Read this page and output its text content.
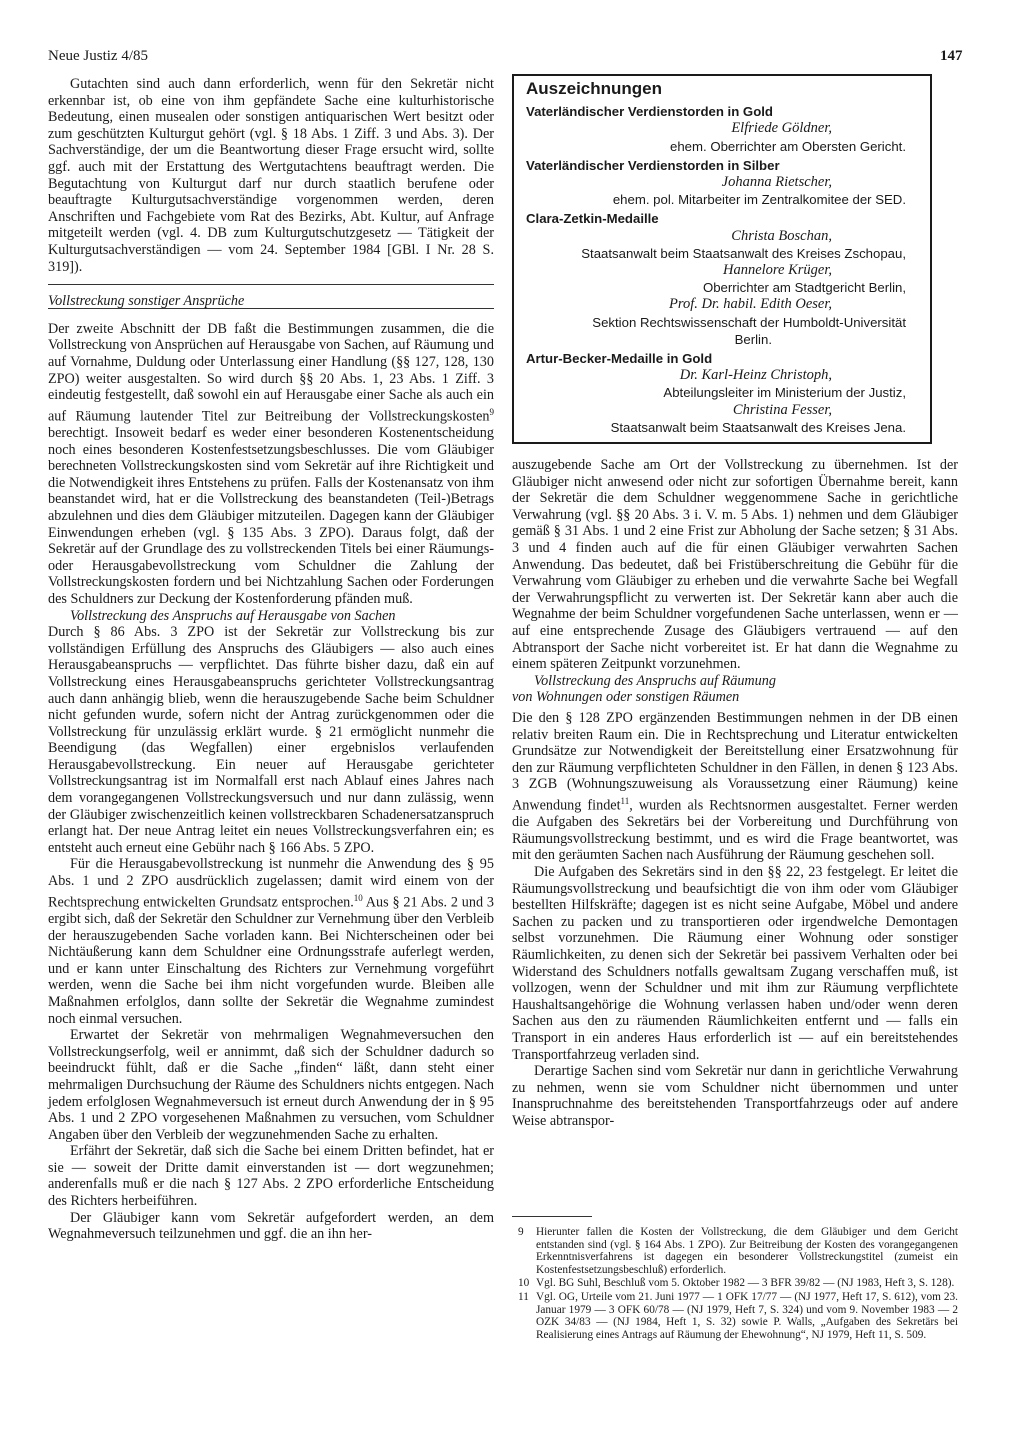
Neue Justiz 4/85	147

Gutachten sind auch dann erforderlich, wenn für den Sekretär nicht erkennbar ist, ob eine von ihm gepfändete Sache eine kulturhistorische Bedeutung, einen musealen oder sonstigen antiquarischen Wert besitzt oder zum geschützten Kulturgut gehört (vgl. § 18 Abs. 1 Ziff. 3 und Abs. 3). Der Sachverständige, der um die Beantwortung dieser Frage ersucht wird, sollte ggf. auch mit der Erstattung des Wertgutachtens beauftragt werden. Die Begutachtung von Kulturgut darf nur durch staatlich berufene oder beauftragte Kulturgutsachverständige vorgenommen werden, deren Anschriften und Fachgebiete vom Rat des Bezirks, Abt. Kultur, auf Anfrage mitgeteilt werden (vgl. 4. DB zum Kulturgutschutzgesetz — Tätigkeit der Kulturgutsachverständigen — vom 24. September 1984 [GBl. I Nr. 28 S. 319]).

Vollstreckung sonstiger Ansprüche

Der zweite Abschnitt der DB faßt die Bestimmungen zusammen, die die Vollstreckung von Ansprüchen auf Herausgabe von Sachen, auf Räumung und auf Vornahme, Duldung oder Unterlassung einer Handlung (§§ 127, 128, 130 ZPO) weiter ausgestalten. So wird durch §§ 20 Abs. 1, 23 Abs. 1 Ziff. 3 eindeutig festgestellt, daß sowohl ein auf Herausgabe einer Sache als auch ein auf Räumung lautender Titel zur Beitreibung der Vollstreckungskosten$^9$ berechtigt. Insoweit bedarf es weder einer besonderen Kostenentscheidung noch eines besonderen Kostenfestsetzungsbeschlusses. Die vom Gläubiger berechneten Vollstreckungskosten sind vom Sekretär auf ihre Richtigkeit und die Notwendigkeit ihres Entstehens zu prüfen. Falls der Kostenansatz von ihm beanstandet wird, hat er die Vollstreckung des beanstandeten (Teil-)Betrags abzulehnen und dies dem Gläubiger mitzuteilen. Dagegen kann der Gläubiger Einwendungen erheben (vgl. § 135 Abs. 3 ZPO). Daraus folgt, daß der Sekretär auf der Grundlage des zu vollstreckenden Titels bei einer Räumungs- oder Herausgabevollstreckung vom Schuldner die Zahlung der Vollstreckungskosten fordern und bei Nichtzahlung Sachen oder Forderungen des Schuldners zur Deckung der Kostenforderung pfänden muß.

Vollstreckung des Anspruchs auf Herausgabe von Sachen

Durch § 86 Abs. 3 ZPO ist der Sekretär zur Vollstreckung bis zur vollständigen Erfüllung des Anspruchs des Gläubigers — also auch eines Herausgabeanspruchs — verpflichtet. Das führte bisher dazu, daß ein auf Vollstreckung eines Herausgabeanspruchs gerichteter Vollstreckungsantrag auch dann anhängig blieb, wenn die herauszugebende Sache beim Schuldner nicht gefunden wurde, sofern nicht der Antrag zurückgenommen oder die Vollstreckung für unzulässig erklärt wurde. § 21 ermöglicht nunmehr die Beendigung (das Wegfallen) einer ergebnislos verlaufenden Herausgabevollstreckung. Ein neuer auf Herausgabe gerichteter Vollstreckungsantrag ist im Normalfall erst nach Ablauf eines Jahres nach dem vorangegangenen Vollstreckungsversuch und nur dann zulässig, wenn der Gläubiger zwischenzeitlich keinen vollstreckbaren Schadenersatzanspruch erlangt hat. Der neue Antrag leitet ein neues Vollstreckungsverfahren ein; es entsteht auch erneut eine Gebühr nach § 166 Abs. 5 ZPO.

Für die Herausgabevollstreckung ist nunmehr die Anwendung des § 95 Abs. 1 und 2 ZPO ausdrücklich zugelassen; damit wird einem von der Rechtsprechung entwickelten Grundsatz entsprochen.$^{10}$ Aus § 21 Abs. 2 und 3 ergibt sich, daß der Sekretär den Schuldner zur Vernehmung über den Verbleib der herauszugebenden Sache vorladen kann. Bei Nichterscheinen oder bei Nichtäußerung kann dem Schuldner eine Ordnungsstrafe auferlegt werden, und er kann unter Einschaltung des Richters zur Vernehmung vorgeführt werden, wenn die Sache bei ihm nicht vorgefunden wurde. Bleiben alle Maßnahmen erfolglos, dann sollte der Sekretär die Wegnahme zumindest noch einmal versuchen.

Erwartet der Sekretär von mehrmaligen Wegnahmeversuchen den Vollstreckungserfolg, weil er annimmt, daß sich der Schuldner dadurch so beeindruckt fühlt, daß er die Sache „finden“ läßt, dann steht einer mehrmaligen Durchsuchung der Räume des Schuldners nichts entgegen. Nach jedem erfolglosen Wegnahmeversuch ist erneut durch Anwendung der in § 95 Abs. 1 und 2 ZPO vorgesehenen Maßnahmen zu versuchen, vom Schuldner Angaben über den Verbleib der wegzunehmenden Sache zu erhalten.

Erfährt der Sekretär, daß sich die Sache bei einem Dritten befindet, hat er sie — soweit der Dritte damit einverstanden ist — dort wegzunehmen; anderenfalls muß er die nach § 127 Abs. 2 ZPO erforderliche Entscheidung des Richters herbeiführen.

Der Gläubiger kann vom Sekretär aufgefordert werden, an dem Wegnahmeversuch teilzunehmen und ggf. die an ihn her-

Auszeichnungen
Vaterländischer Verdienstorden in Gold
Elfriede Göldner,
ehem. Oberrichter am Obersten Gericht.
Vaterländischer Verdienstorden in Silber
Johanna Rietscher,
ehem. pol. Mitarbeiter im Zentralkomitee der SED.
Clara-Zetkin-Medaille
Christa Boschan,
Staatsanwalt beim Staatsanwalt des Kreises Zschopau,
Hannelore Krüger,
Oberrichter am Stadtgericht Berlin,
Prof. Dr. habil. Edith Oeser,
Sektion Rechtswissenschaft der Humboldt-Universität
Berlin.
Artur-Becker-Medaille in Gold
Dr. Karl-Heinz Christoph,
Abteilungsleiter im Ministerium der Justiz,
Christina Fesser,
Staatsanwalt beim Staatsanwalt des Kreises Jena.

auszugebende Sache am Ort der Vollstreckung zu übernehmen. Ist der Gläubiger nicht anwesend oder nicht zur sofortigen Übernahme bereit, kann der Sekretär die dem Schuldner weggenommene Sache in gerichtliche Verwahrung (vgl. §§ 20 Abs. 3 i. V. m. 5 Abs. 1) nehmen und dem Gläubiger gemäß § 31 Abs. 1 und 2 eine Frist zur Abholung der Sache setzen; § 31 Abs. 3 und 4 finden auch auf die für einen Gläubiger verwahrten Sachen Anwendung. Das bedeutet, daß bei Fristüberschreitung die Gebühr für die Verwahrung vom Gläubiger zu erheben und die verwahrte Sache bei Wegfall der Verwahrungspflicht zu verwerten ist. Der Sekretär kann aber auch die Wegnahme der beim Schuldner vorgefundenen Sache unterlassen, wenn er — auf eine entsprechende Zusage des Gläubigers vertrauend — auf den Abtransport der Sache nicht vorbereitet ist. Er hat dann die Wegnahme zu einem späteren Zeitpunkt vorzunehmen.

Vollstreckung des Anspruchs auf Räumung
von Wohnungen oder sonstigen Räumen

Die den § 128 ZPO ergänzenden Bestimmungen nehmen in der DB einen relativ breiten Raum ein. Die in Rechtsprechung und Literatur entwickelten Grundsätze zur Notwendigkeit der Bereitstellung einer Ersatzwohnung für den zur Räumung verpflichteten Schuldner in den Fällen, in denen § 123 Abs. 3 ZGB (Wohnungszuweisung als Voraussetzung einer Räumung) keine Anwendung findet$^{11}$, wurden als Rechtsnormen ausgestaltet. Ferner werden die Aufgaben des Sekretärs bei der Vorbereitung und Durchführung von Räumungsvollstreckung bestimmt, und es wird die Frage beantwortet, was mit den geräumten Sachen nach Ausführung der Räumung geschehen soll.

Die Aufgaben des Sekretärs sind in den §§ 22, 23 festgelegt. Er leitet die Räumungsvollstreckung und beaufsichtigt die von ihm oder vom Gläubiger bestellten Hilfskräfte; dagegen ist es nicht seine Aufgabe, Möbel und andere Sachen zu packen und zu transportieren oder irgendwelche Demontagen selbst vorzunehmen. Die Räumung einer Wohnung oder sonstiger Räumlichkeiten, zu denen sich der Sekretär bei passivem Verhalten oder bei Widerstand des Schuldners notfalls gewaltsam Zugang verschaffen muß, ist vollzogen, wenn der Schuldner und mit ihm zur Räumung verpflichtete Haushaltsangehörige die Wohnung verlassen haben und/oder wenn deren Sachen aus den zu räumenden Räumlichkeiten entfernt und — falls ein Transport in ein anderes Haus erforderlich ist — auf ein bereitstehendes Transportfahrzeug verladen sind.

Derartige Sachen sind vom Sekretär nur dann in gerichtliche Verwahrung zu nehmen, wenn sie vom Schuldner nicht übernommen und unter Inanspruchnahme des bereitstehenden Transportfahrzeugs oder auf andere Weise abtranspor-

9	Hierunter fallen die Kosten der Vollstreckung, die dem Gläubiger und dem Gericht entstanden sind (vgl. § 164 Abs. 1 ZPO). Zur Beitreibung der Kosten des vorangegangenen Erkenntnisverfahrens ist dagegen ein besonderer Vollstreckungstitel (zumeist ein Kostenfestsetzungsbeschluß) erforderlich.
10 Vgl. BG Suhl, Beschluß vom 5. Oktober 1982 — 3 BFR 39/82 — (NJ 1983, Heft 3, S. 128).
11 Vgl. OG, Urteile vom 21. Juni 1977 — 1 OFK 17/77 — (NJ 1977, Heft 17, S. 612), vom 23. Januar 1979 — 3 OFK 60/78 — (NJ 1979, Heft 7, S. 324) und vom 9. November 1983 — 2 OZK 34/83 — (NJ 1984, Heft 1, S. 32) sowie P. Walls, „Aufgaben des Sekretärs bei Realisierung eines Antrags auf Räumung der Ehewohnung“, NJ 1979, Heft 11, S. 509.
